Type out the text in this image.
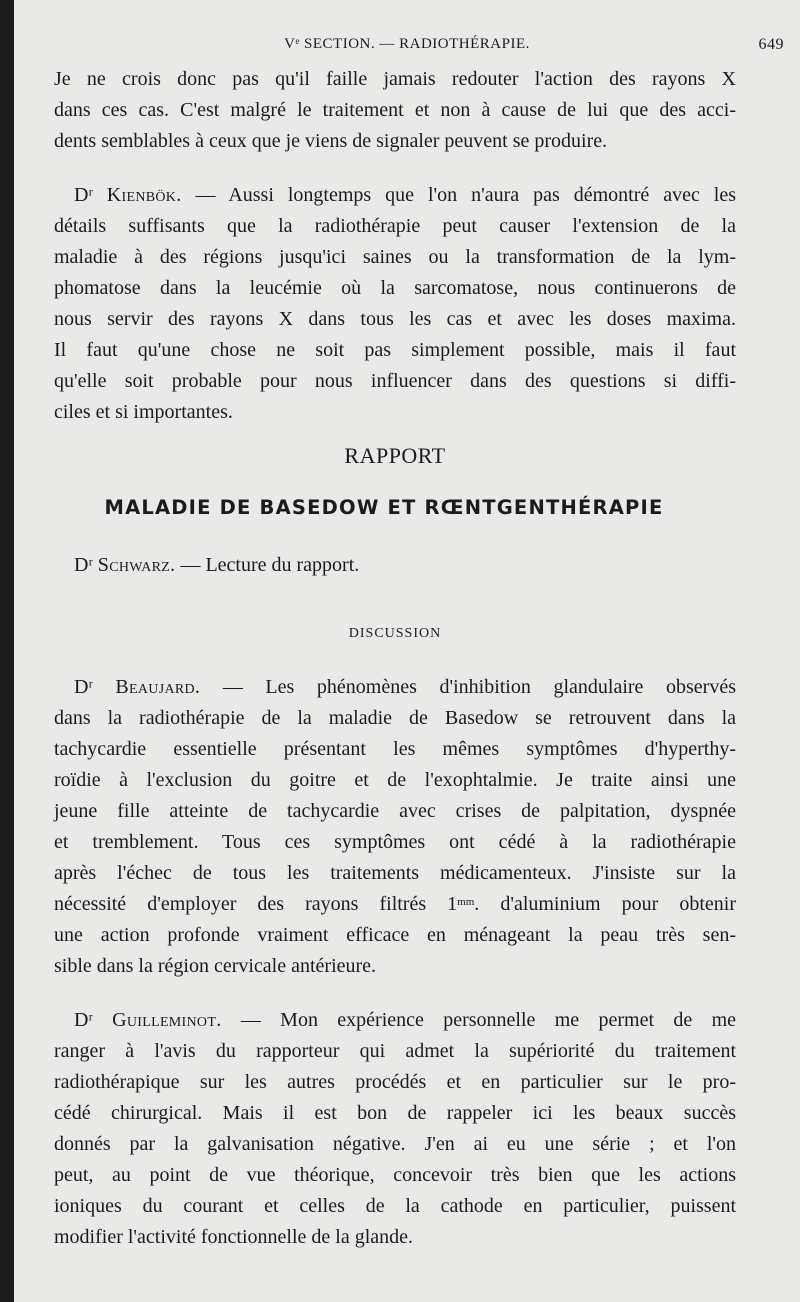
Vᵉ SECTION. — RADIOTHÉRAPIE.	649

Je ne crois donc pas qu'il faille jamais redouter l'action des rayons X

dans ces cas. C'est malgré le traitement et non à cause de lui que des acci-

dents semblables à ceux que je viens de signaler peuvent se produire.

Dʳ Kienbök. — Aussi longtemps que l'on n'aura pas démontré avec les

détails suffisants que la radiothérapie peut causer l'extension de la

maladie à des régions jusqu'ici saines ou la transformation de la lym-

phomatose dans la leucémie où la sarcomatose, nous continuerons de

nous servir des rayons X dans tous les cas et avec les doses maxima.

Il faut qu'une chose ne soit pas simplement possible, mais il faut

qu'elle soit probable pour nous influencer dans des questions si diffi-

ciles et si importantes.

RAPPORT
MALADIE DE BASEDOW ET RŒNTGENTHÉRAPIE

Dʳ Schwarz. — Lecture du rapport.

DISCUSSION

Dʳ Beaujard. — Les phénomènes d'inhibition glandulaire observés

dans la radiothérapie de la maladie de Basedow se retrouvent dans la

tachycardie essentielle présentant les mêmes symptômes d'hyperthy-

roïdie à l'exclusion du goitre et de l'exophtalmie. Je traite ainsi une

jeune fille atteinte de tachycardie avec crises de palpitation, dyspnée

et tremblement. Tous ces symptômes ont cédé à la radiothérapie

après l'échec de tous les traitements médicamenteux. J'insiste sur la

nécessité d'employer des rayons filtrés $1^{mm}$. d'aluminium pour obtenir

une action profonde vraiment efficace en ménageant la peau très sen-

sible dans la région cervicale antérieure.

Dʳ Guilleminot. — Mon expérience personnelle me permet de me

ranger à l'avis du rapporteur qui admet la supériorité du traitement

radiothérapique sur les autres procédés et en particulier sur le pro-

cédé chirurgical. Mais il est bon de rappeler ici les beaux succès

donnés par la galvanisation négative. J'en ai eu une série ; et l'on

peut, au point de vue théorique, concevoir très bien que les actions

ioniques du courant et celles de la cathode en particulier, puissent

modifier l'activité fonctionnelle de la glande.
